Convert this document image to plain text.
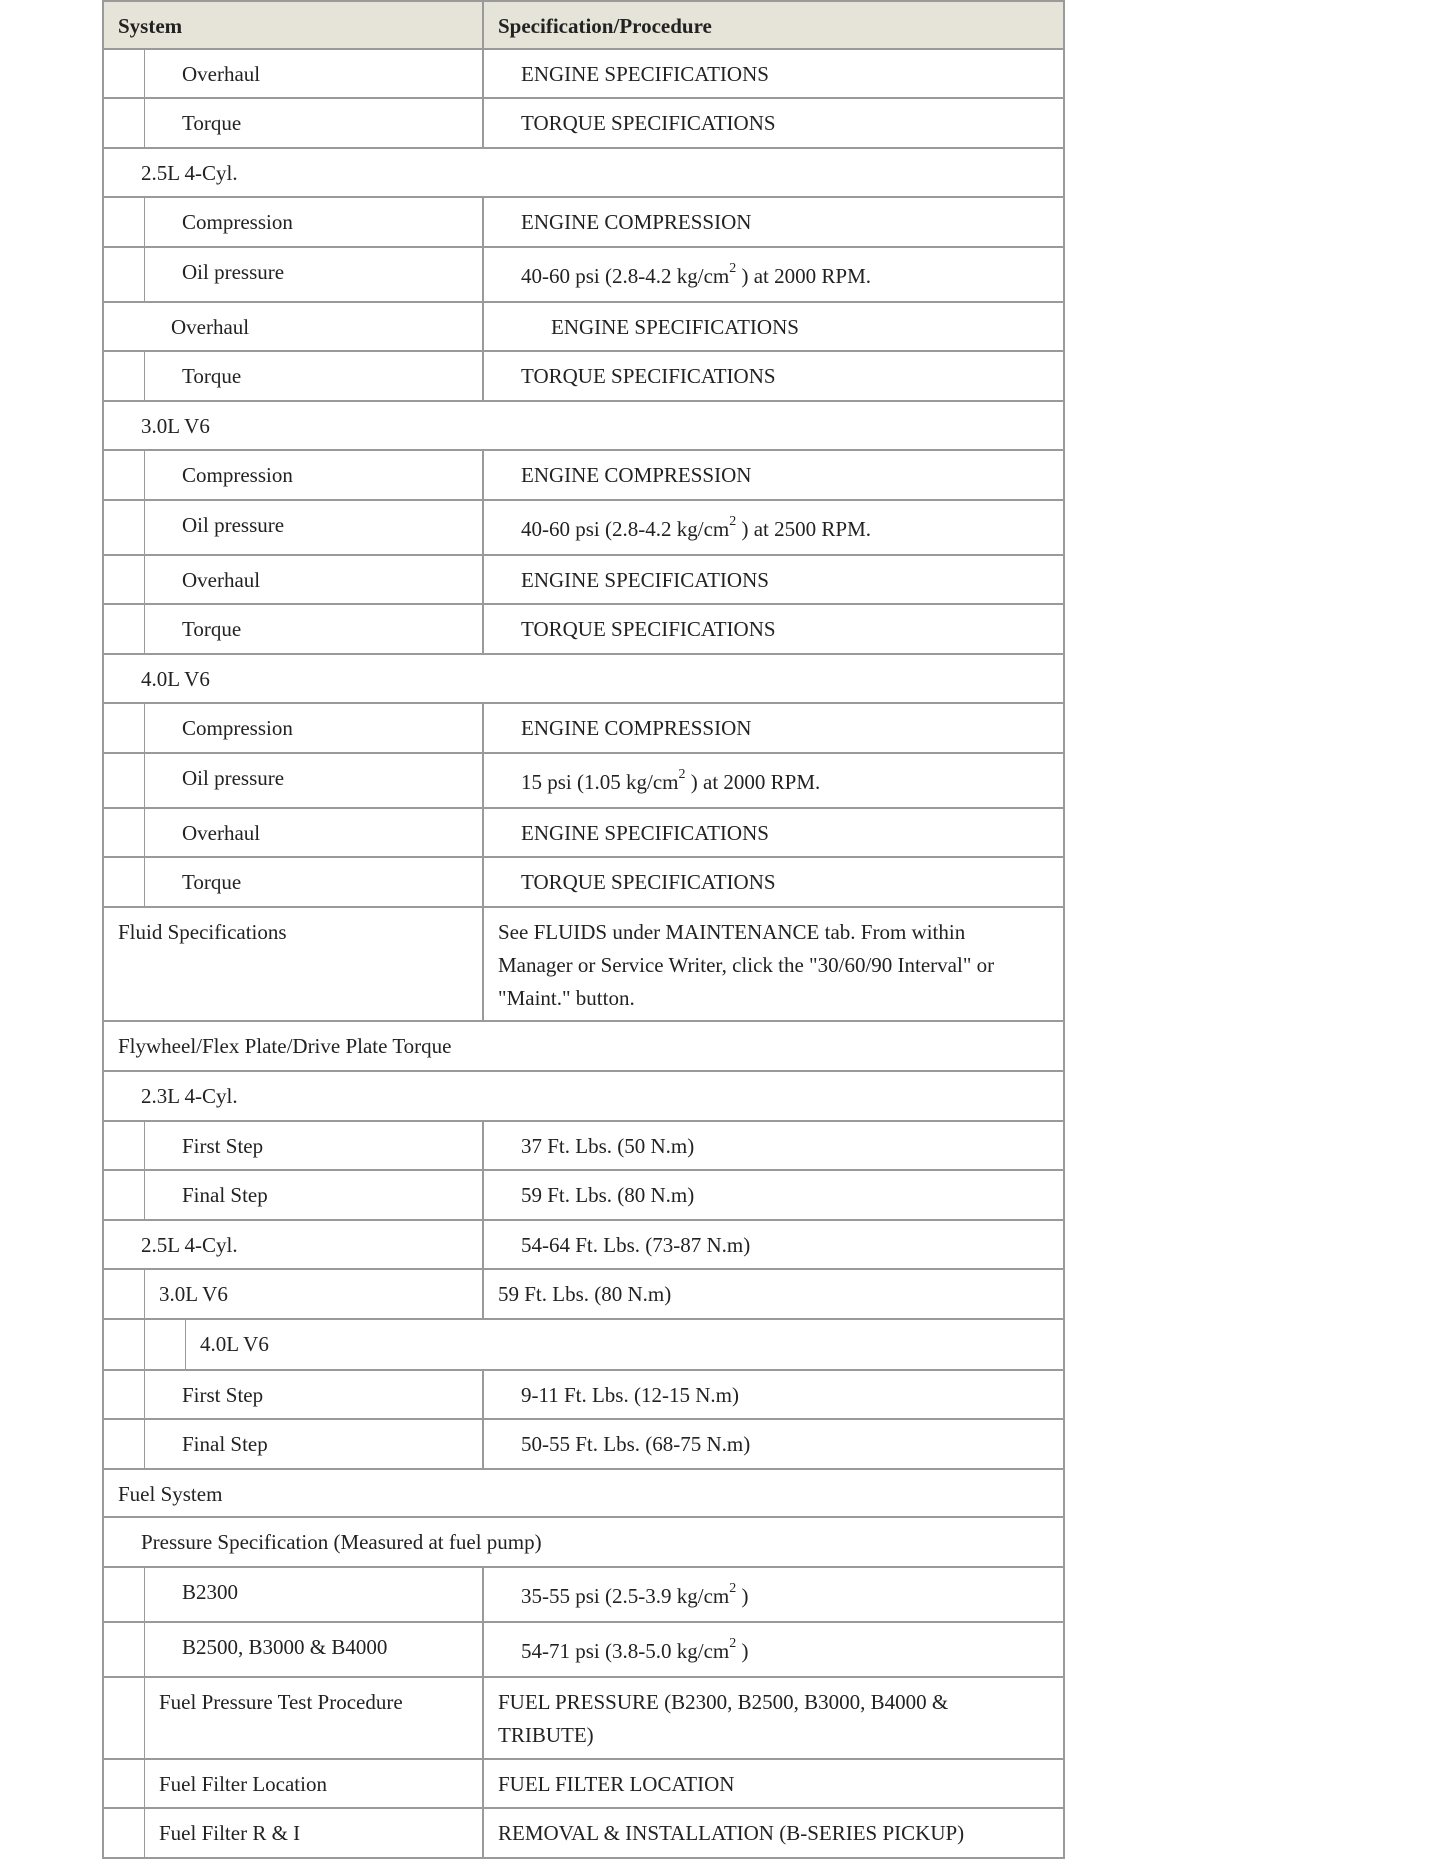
System	Specification/Procedure
Overhaul	ENGINE SPECIFICATIONS
Torque	TORQUE SPECIFICATIONS
2.5L 4-Cyl.
Compression	ENGINE COMPRESSION
Oil pressure	40-60 psi (2.8-4.2 $kg/cm^2$ ) at 2000 RPM.
Overhaul	ENGINE SPECIFICATIONS
Torque	TORQUE SPECIFICATIONS
3.0L V6
Compression	ENGINE COMPRESSION
Oil pressure	40-60 psi (2.8-4.2 $kg/cm^2$ ) at 2500 RPM.
Overhaul	ENGINE SPECIFICATIONS
Torque	TORQUE SPECIFICATIONS
4.0L V6
Compression	ENGINE COMPRESSION
Oil pressure	15 psi (1.05 $kg/cm^2$ ) at 2000 RPM.
Overhaul	ENGINE SPECIFICATIONS
Torque	TORQUE SPECIFICATIONS
Fluid Specifications	See FLUIDS under MAINTENANCE tab. From within
Manager or Service Writer, click the "30/60/90 Interval" or
"Maint." button.
Flywheel/Flex Plate/Drive Plate Torque
2.3L 4-Cyl.
First Step	37 Ft. Lbs. (50 N.m)
Final Step	59 Ft. Lbs. (80 N.m)
2.5L 4-Cyl.	54-64 Ft. Lbs. (73-87 N.m)
3.0L V6	59 Ft. Lbs. (80 N.m)
4.0L V6
First Step	9-11 Ft. Lbs. (12-15 N.m)
Final Step	50-55 Ft. Lbs. (68-75 N.m)
Fuel System
Pressure Specification (Measured at fuel pump)
B2300	35-55 psi (2.5-3.9 $kg/cm^2$ )
B2500, B3000 & B4000	54-71 psi (3.8-5.0 $kg/cm^2$ )
Fuel Pressure Test Procedure	FUEL PRESSURE (B2300, B2500, B3000, B4000 &
TRIBUTE)
Fuel Filter Location	FUEL FILTER LOCATION
Fuel Filter R & I	REMOVAL & INSTALLATION (B-SERIES PICKUP)
